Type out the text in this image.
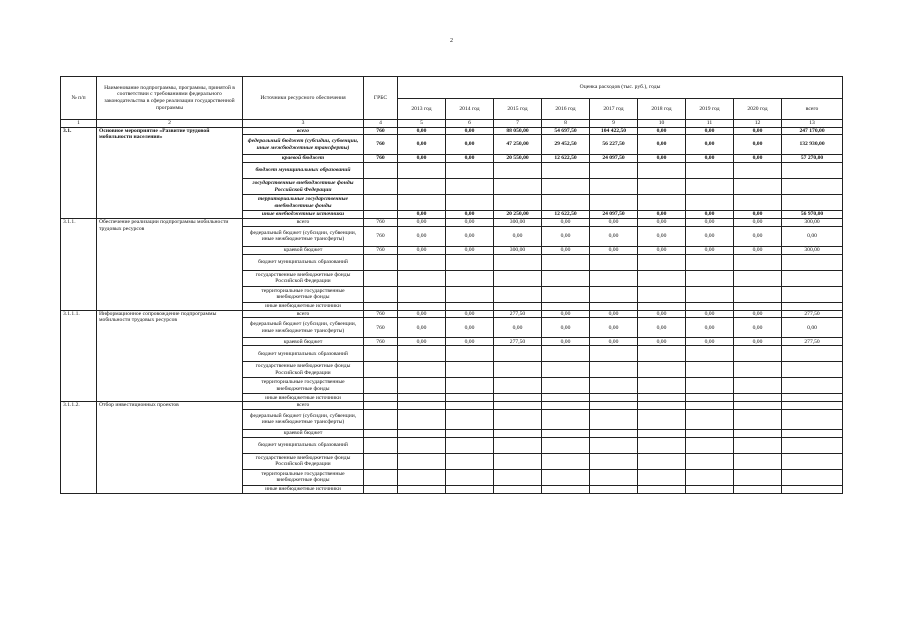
2
№ п/п	Наименование подпрограммы, программы, принятой в соответствии с требованиями федерального законодательства в сфере реализации государственной программы	Источники ресурсного обеспечения	ГРБС	Оценка расходов (тыс. руб.), годы								
				2013 год	2014 год	2015 год	2016 год	2017 год	2018 год	2019 год	2020 год	всего
1	2	3	4	5	6	7	8	9	10	11	12	13
3.1.	Основное мероприятие «Развитие трудовой мобильности населения»	всего	760	0,00	0,00	88 050,00	54 697,50	104 422,50	0,00	0,00	0,00	247 170,00
		федеральный бюджет (субсидии, субвенции, иные межбюджетные трансферты)	760	0,00	0,00	47 250,00	29 452,50	56 227,50	0,00	0,00	0,00	132 930,00
		краевой бюджет	760	0,00	0,00	20 550,00	12 622,50	24 097,50	0,00	0,00	0,00	57 270,00
		бюджет муниципальных образований										
		государственные внебюджетные фонды Российской Федерации										
		территориальные государственные внебюджетные фонды										
		иные внебюджетные источники		0,00	0,00	20 250,00	12 622,50	24 097,50	0,00	0,00	0,00	56 970,00
3.1.1.	Обеспечение реализации подпрограммы мобильности трудовых ресурсов	всего	760	0,00	0,00	300,00	0,00	0,00	0,00	0,00	0,00	300,00
		федеральный бюджет (субсидии, субвенции, иные межбюджетные трансферты)	760	0,00	0,00	0,00	0,00	0,00	0,00	0,00	0,00	0,00
		краевой бюджет	760	0,00	0,00	300,00	0,00	0,00	0,00	0,00	0,00	300,00
		бюджет муниципальных образований										
		государственные внебюджетные фонды Российской Федерации										
		территориальные государственные внебюджетные фонды										
		иные внебюджетные источники										
3.1.1.1.	Информационное сопровождение подпрограммы мобильности трудовых ресурсов	всего	760	0,00	0,00	277,50	0,00	0,00	0,00	0,00	0,00	277,50
		федеральный бюджет (субсидии, субвенции, иные межбюджетные трансферты)	760	0,00	0,00	0,00	0,00	0,00	0,00	0,00	0,00	0,00
		краевой бюджет	760	0,00	0,00	277,50	0,00	0,00	0,00	0,00	0,00	277,50
		бюджет муниципальных образований										
		государственные внебюджетные фонды Российской Федерации										
		территориальные государственные внебюджетные фонды										
		иные внебюджетные источники										
3.1.1.2.	Отбор инвестиционных проектов	всего										
		федеральный бюджет (субсидии, субвенции, иные межбюджетные трансферты)										
		краевой бюджет										
		бюджет муниципальных образований										
		государственные внебюджетные фонды Российской Федерации										
		территориальные государственные внебюджетные фонды										
		иные внебюджетные источники										
